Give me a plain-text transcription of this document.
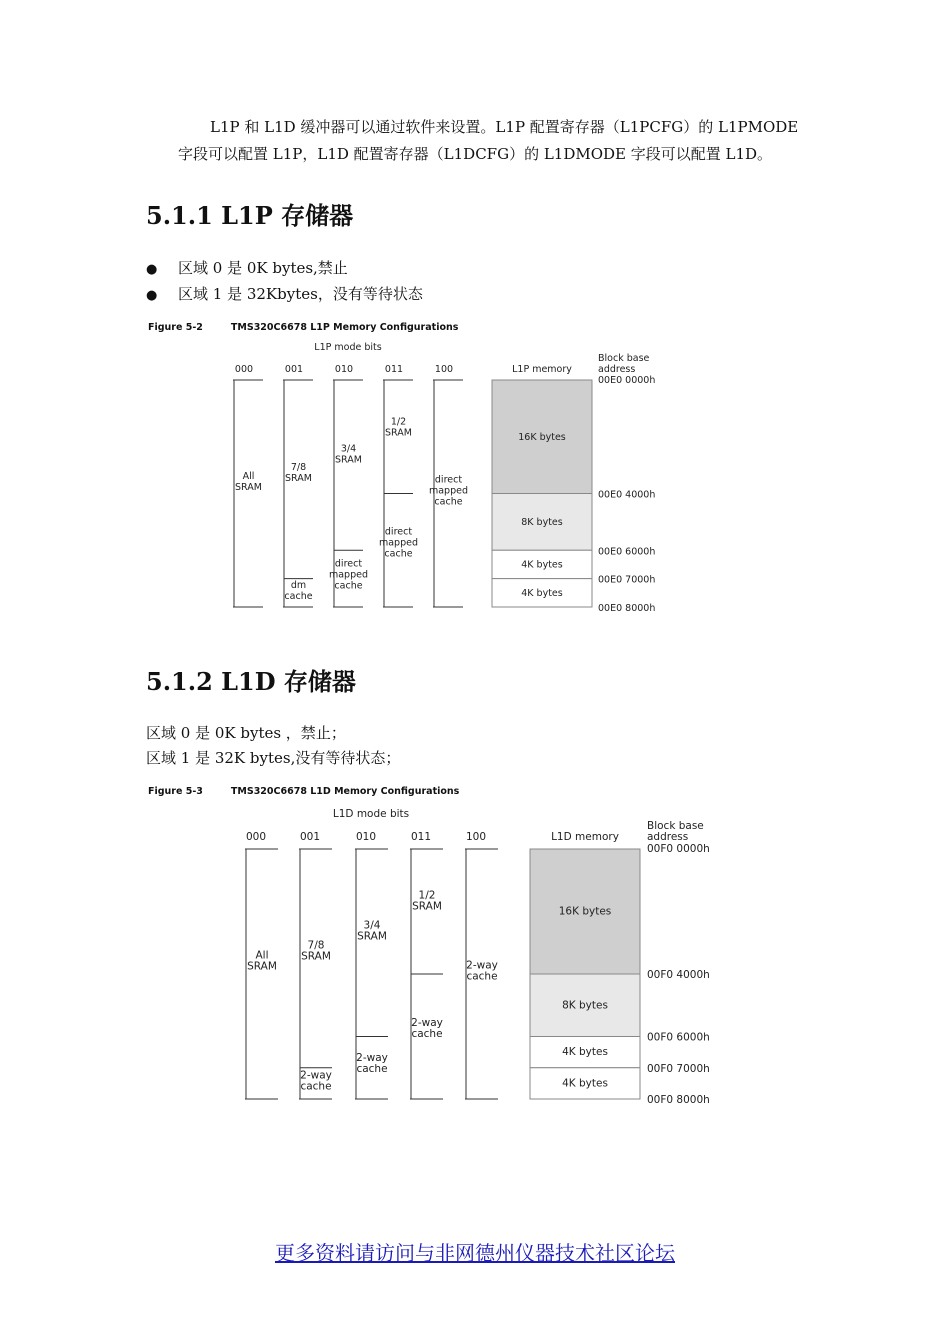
L1P 和 L1D 缓冲器可以通过软件来设置。L1P 配置寄存器（L1PCFG）的 L1PMODE
字段可以配置 L1P，L1D 配置寄存器（L1DCFG）的 L1DMODE 字段可以配置 L1D。

5.1.1 L1P 存储器
● 区域 0 是 0K bytes,禁止
● 区域 1 是 32Kbytes，没有等待状态
Figure 5-2	TMS320C6678 L1P Memory Configurations
L1P mode bits
000	001	010	011	100	L1P memory
Block base
address
All
SRAM
7/8
SRAM
dm
cache
3/4
SRAM
direct
mapped
cache
1/2
SRAM
direct
mapped
cache
direct
mapped
cache
16K bytes
8K bytes
4K bytes
4K bytes
00E0 0000h
00E0 4000h
00E0 6000h
00E0 7000h
00E0 8000h
5.1.2 L1D 存储器

区域 0 是 0K bytes ，禁止；
区域 1 是 32K bytes,没有等待状态；

Figure 5-3	TMS320C6678 L1D Memory Configurations
L1D mode bits
000	001	010	011	100	L1D memory
Block base
address
All
SRAM
7/8
SRAM
2-way
cache
3/4
SRAM
2-way
cache
1/2
SRAM
2-way
cache
2-way
cache
16K bytes
8K bytes
4K bytes
4K bytes
00F0 0000h
00F0 4000h
00F0 6000h
00F0 7000h
00F0 8000h
更多资料请访问与非网德州仪器技术社区论坛
